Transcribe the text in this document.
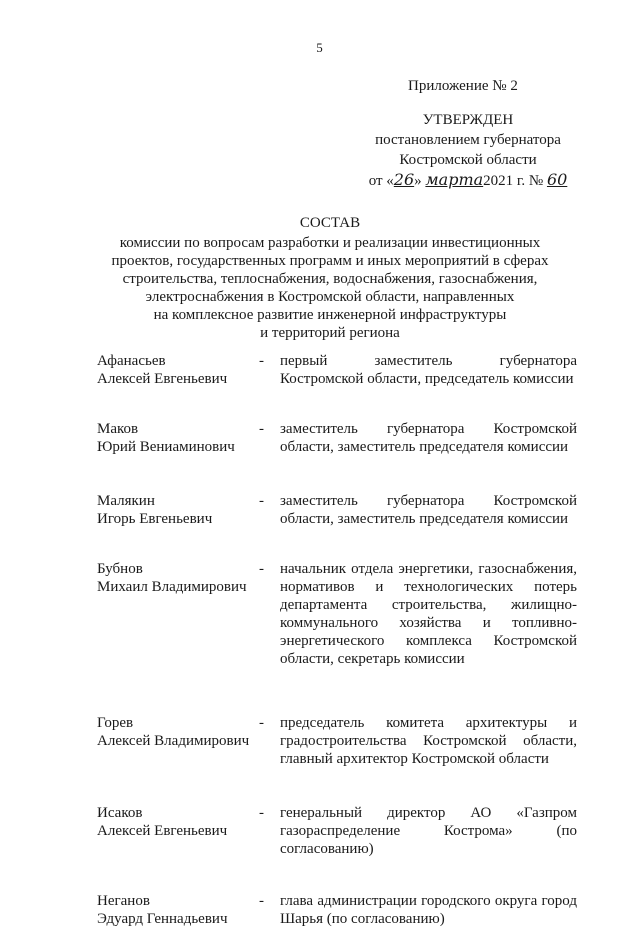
5
Приложение № 2
УТВЕРЖДЕН
постановлением губернатора
Костромской области
от «26» марта2021 г. № 60
СОСТАВ
комиссии по вопросам разработки и реализации инвестиционных
проектов, государственных программ и иных мероприятий в сферах
строительства, теплоснабжения, водоснабжения, газоснабжения,
электроснабжения в Костромской области, направленных
на комплексное развитие инженерной инфраструктуры
и территорий региона
Афанасьев
Алексей Евгеньевич
- первый заместитель губернатора Костромской области, председатель комиссии
Маков
Юрий Вениаминович
- заместитель губернатора Костромской области, заместитель председателя комиссии
Малякин
Игорь Евгеньевич
- заместитель губернатора Костромской области, заместитель председателя комиссии
Бубнов
Михаил Владимирович
- начальник отдела энергетики, газоснабжения, нормативов и технологических потерь департамента строительства, жилищно-коммунального хозяйства и топливно-энергетического комплекса Костромской области, секретарь комиссии
Горев
Алексей Владимирович
- председатель комитета архитектуры и градостроительства Костромской области, главный архитектор Костромской области
Исаков
Алексей Евгеньевич
- генеральный директор АО «Газпром газораспределение Кострома» (по согласованию)
Неганов
Эдуард Геннадьевич
- глава администрации городского округа город Шарья (по согласованию)
